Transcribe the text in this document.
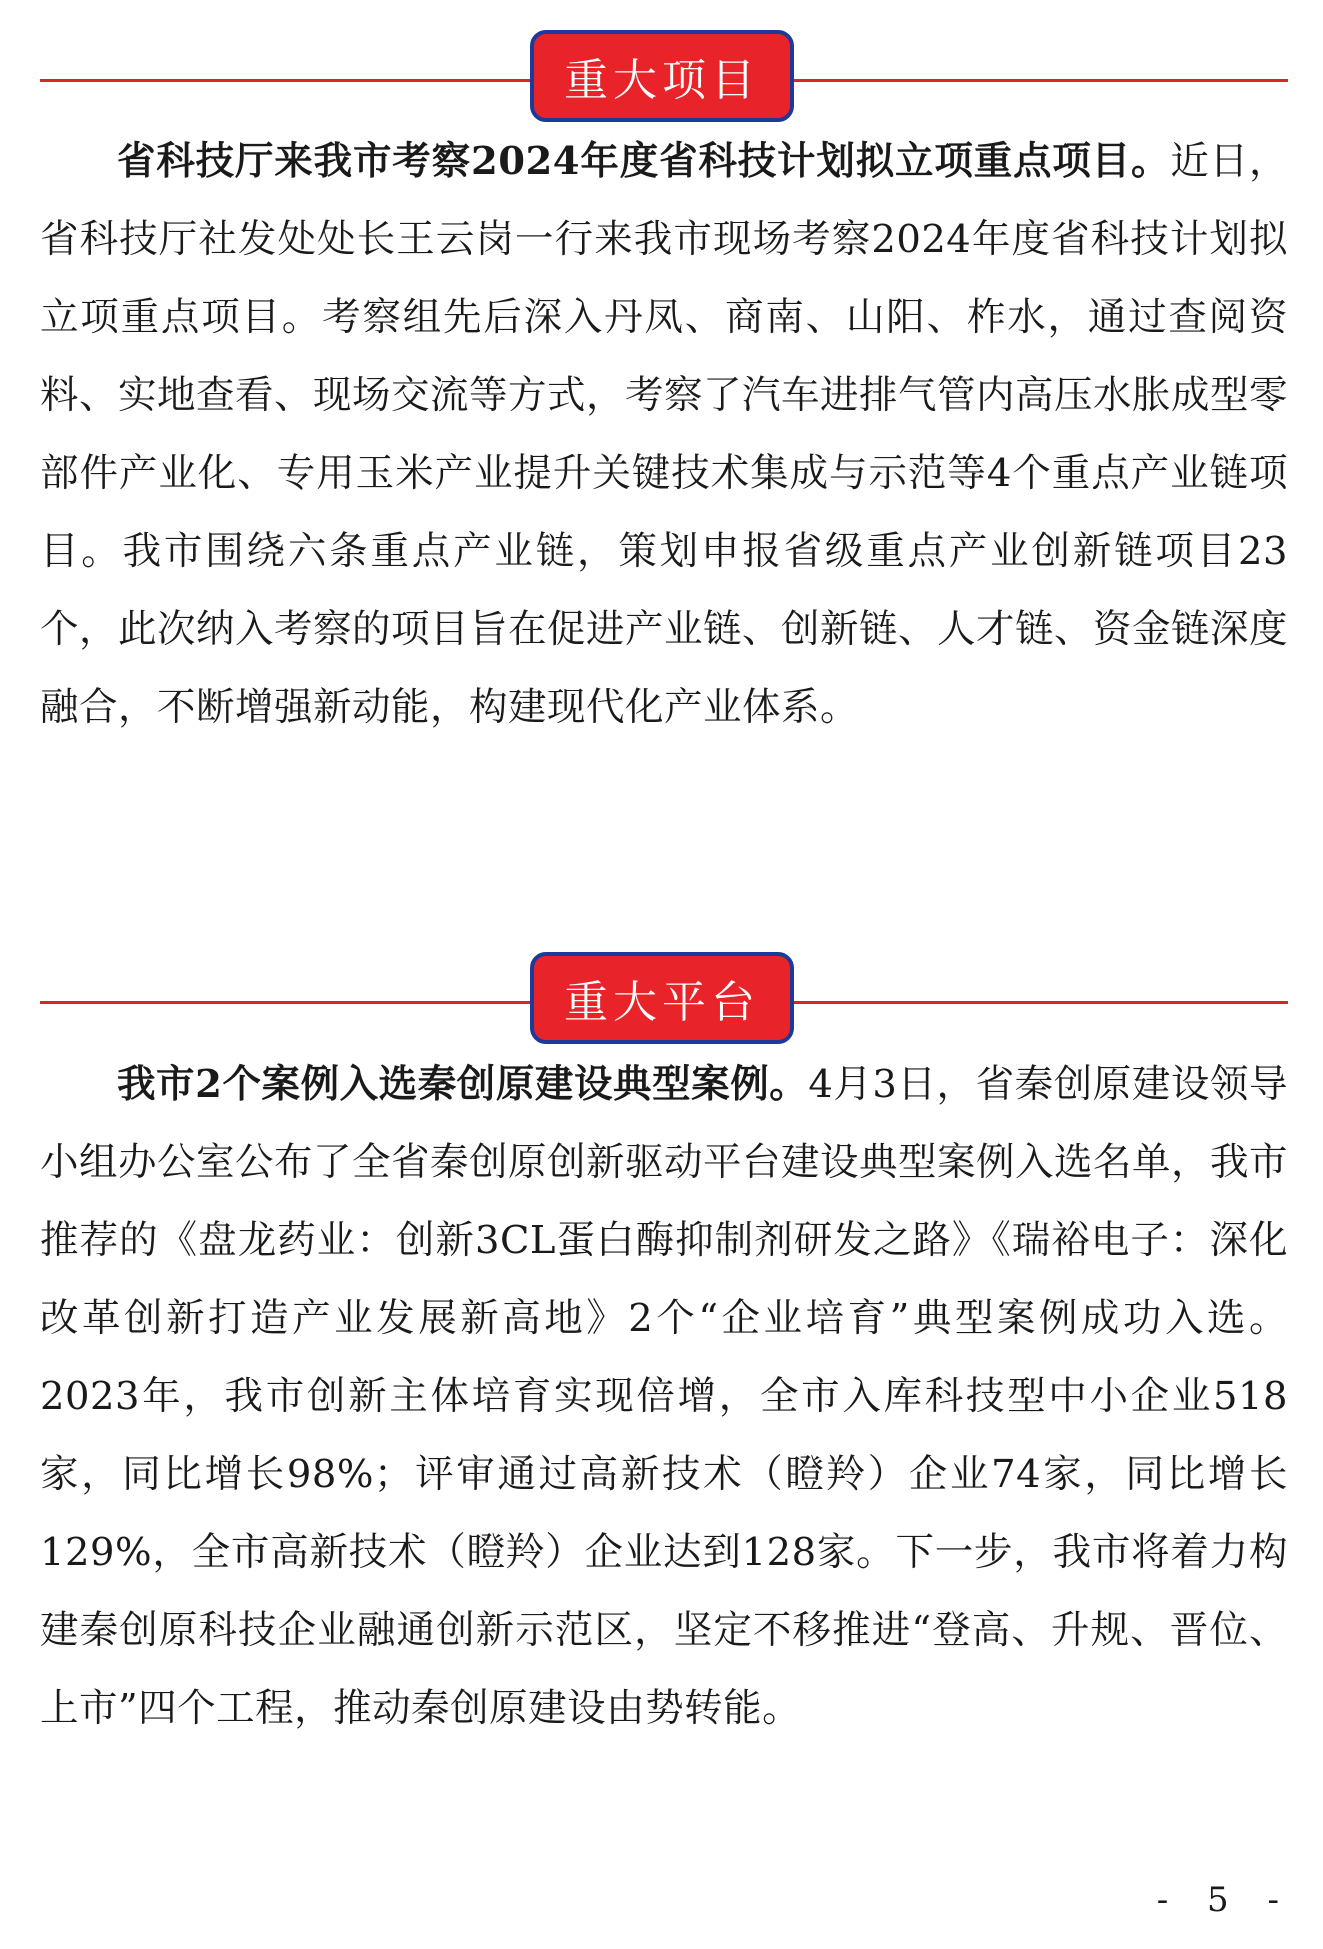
重大项目

省科技厅来我市考察2024年度省科技计划拟立项重点项目。近日，省科技厅社发处处长王云岗一行来我市现场考察2024年度省科技计划拟立项重点项目。考察组先后深入丹凤、商南、山阳、柞水，通过查阅资料、实地查看、现场交流等方式，考察了汽车进排气管内高压水胀成型零部件产业化、专用玉米产业提升关键技术集成与示范等4个重点产业链项目。我市围绕六条重点产业链，策划申报省级重点产业创新链项目23个，此次纳入考察的项目旨在促进产业链、创新链、人才链、资金链深度融合，不断增强新动能，构建现代化产业体系。

重大平台

我市2个案例入选秦创原建设典型案例。4月3日，省秦创原建设领导小组办公室公布了全省秦创原创新驱动平台建设典型案例入选名单，我市推荐的《盘龙药业：创新3CL蛋白酶抑制剂研发之路》《瑞裕电子：深化改革创新打造产业发展新高地》2个“企业培育”典型案例成功入选。2023年，我市创新主体培育实现倍增，全市入库科技型中小企业518家，同比增长98%；评审通过高新技术（瞪羚）企业74家，同比增长129%，全市高新技术（瞪羚）企业达到128家。下一步，我市将着力构建秦创原科技企业融通创新示范区，坚定不移推进“登高、升规、晋位、上市”四个工程，推动秦创原建设由势转能。

- 5 -
